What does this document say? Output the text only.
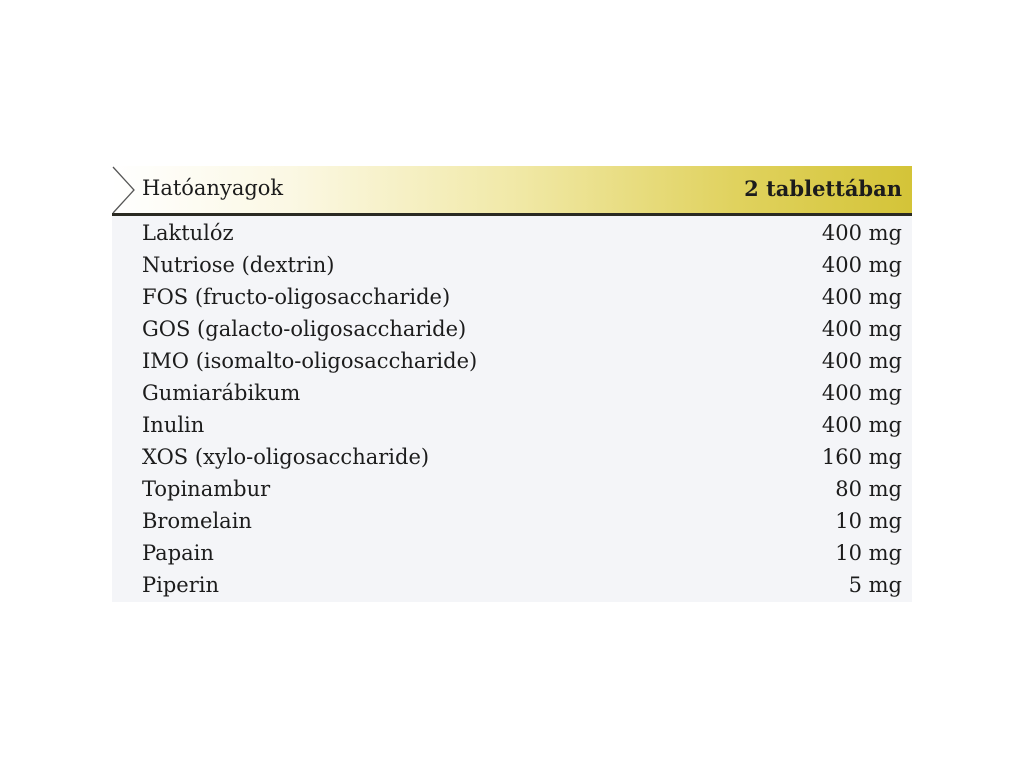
Hatóanyagok	2 tablettában
Laktulóz	400 mg
Nutriose (dextrin)	400 mg
FOS (fructo-oligosaccharide)	400 mg
GOS (galacto-oligosaccharide)	400 mg
IMO (isomalto-oligosaccharide)	400 mg
Gumiarábikum	400 mg
Inulin	400 mg
XOS (xylo-oligosaccharide)	160 mg
Topinambur	80 mg
Bromelain	10 mg
Papain	10 mg
Piperin	5 mg
